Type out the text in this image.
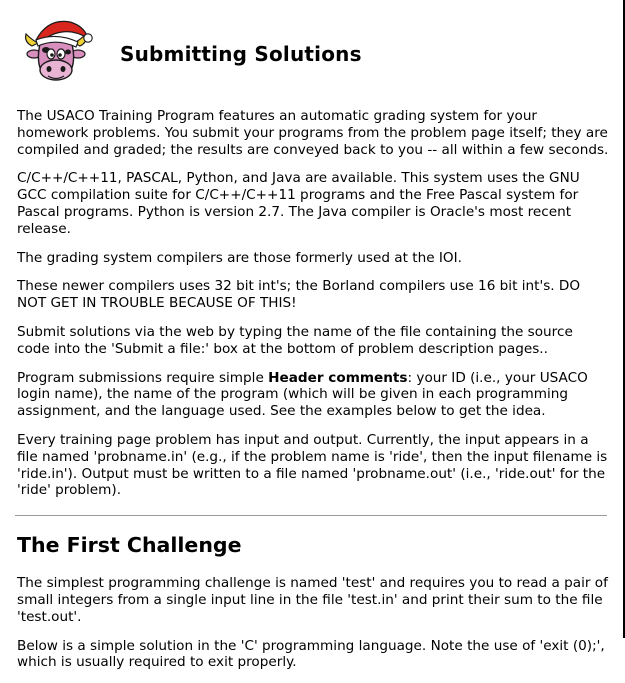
Submitting Solutions

The USACO Training Program features an automatic grading system for your homework problems. You submit your programs from the problem page itself; they are compiled and graded; the results are conveyed back to you -- all within a few seconds.

C/C++/C++11, PASCAL, Python, and Java are available. This system uses the GNU GCC compilation suite for C/C++/C++11 programs and the Free Pascal system for Pascal programs. Python is version 2.7. The Java compiler is Oracle's most recent release.

The grading system compilers are those formerly used at the IOI.

These newer compilers uses 32 bit int's; the Borland compilers use 16 bit int's. DO NOT GET IN TROUBLE BECAUSE OF THIS!

Submit solutions via the web by typing the name of the file containing the source code into the 'Submit a file:' box at the bottom of problem description pages..

Program submissions require simple Header comments: your ID (i.e., your USACO login name), the name of the program (which will be given in each programming assignment, and the language used. See the examples below to get the idea.

Every training page problem has input and output. Currently, the input appears in a file named 'probname.in' (e.g., if the problem name is 'ride', then the input filename is 'ride.in'). Output must be written to a file named 'probname.out' (i.e., 'ride.out' for the 'ride' problem).

The First Challenge

The simplest programming challenge is named 'test' and requires you to read a pair of small integers from a single input line in the file 'test.in' and print their sum to the file 'test.out'.

Below is a simple solution in the 'C' programming language. Note the use of 'exit (0);', which is usually required to exit properly.
